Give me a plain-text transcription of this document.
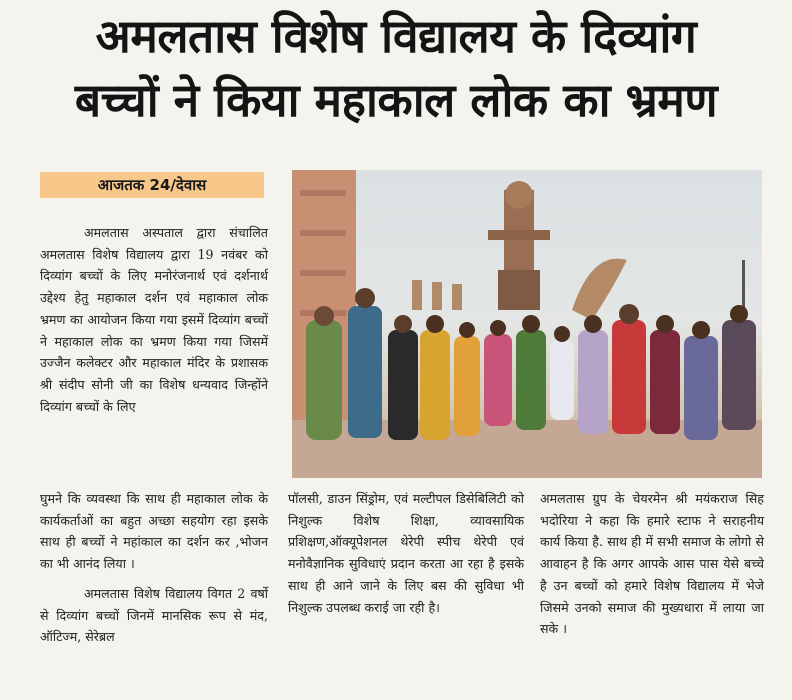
अमलतास विशेष विद्यालय के दिव्यांग
बच्चों ने किया महाकाल लोक का भ्रमण
आजतक 24/देवास

अमलतास अस्पताल द्वारा संचालित अमलतास विशेष विद्यालय द्वारा 19 नवंबर को दिव्यांग बच्चों के लिए मनोरंजनार्थ एवं दर्शनार्थ उद्देश्य हेतु महाकाल दर्शन एवं महाकाल लोक भ्रमण का आयोजन किया गया इसमें दिव्यांग बच्चों ने महाकाल लोक का भ्रमण किया गया जिसमें उज्जैन कलेक्टर और महाकाल मंदिर के प्रशासक श्री संदीप सोनी जी का विशेष धन्यवाद जिन्होंने दिव्यांग बच्चों के लिए

घुमने कि व्यवस्था कि साथ ही महाकाल लोक के कार्यकर्ताओं का बहुत अच्छा सहयोग रहा इसके साथ ही बच्चों ने महांकाल का दर्शन कर ,भोजन का भी आनंद लिया ।

अमलतास विशेष विद्यालय विगत 2 वर्षो से दिव्यांग बच्चों जिनमें मानसिक रूप से मंद, ऑटिज्म, सेरेब्रल

पॉलसी, डाउन सिंड्रोम, एवं मल्टीपल डिसेबिलिटी को निशुल्क विशेष शिक्षा, व्यावसायिक प्रशिक्षण,ऑक्यूपेशनल थेरेपी स्पीच थेरेपी एवं मनोवैज्ञानिक सुविधाएं प्रदान करता आ रहा है इसके साथ ही आने जाने के लिए बस की सुविधा भी निशुल्क उपलब्ध कराई जा रही है।

अमलतास ग्रुप के चेयरमेन श्री मयंकराज सिह भदोरिया ने कहा कि हमारे स्टाफ ने सराहनीय कार्य किया है. साथ ही में सभी समाज के लोगो से आवाहन है कि अगर आपके आस पास येसे बच्चे है उन बच्चों को हमारे विशेष विद्यालय में भेजे जिसमे उनको समाज की मुख्यधारा में लाया जा सके ।
